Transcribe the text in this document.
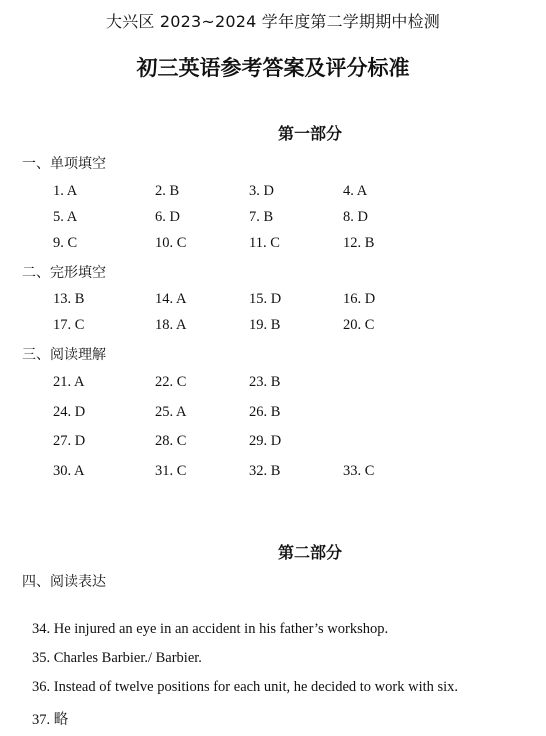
大兴区 2023~2024 学年度第二学期期中检测
初三英语参考答案及评分标准
第一部分
一、单项填空
1. A	2. B	3. D	4. A
5. A	6. D	7. B	8. D
9. C	10. C	11. C	12. B
二、完形填空
13. B	14. A	15. D	16. D
17. C	18. A	19. B	20. C
三、阅读理解
21. A	22. C	23. B
24. D	25. A	26. B
27. D	28. C	29. D
30. A	31. C	32. B	33. C
第二部分
四、阅读表达
34. He injured an eye in an accident in his father’s workshop.
35. Charles Barbier./ Barbier.
36. Instead of twelve positions for each unit, he decided to work with six.
37. 略
